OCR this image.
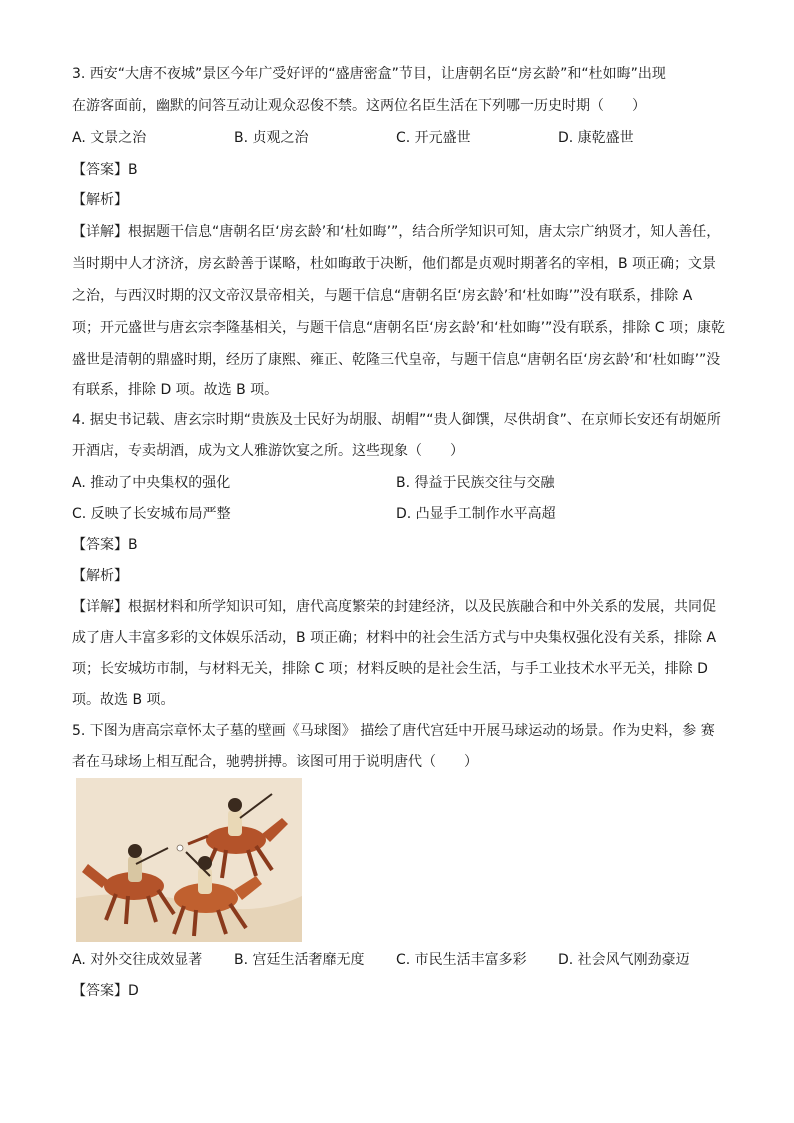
3. 西安“大唐不夜城”景区今年广受好评的“盛唐密盒”节目，让唐朝名臣“房玄龄”和“杜如晦”出现
在游客面前，幽默的问答互动让观众忍俊不禁。这两位名臣生活在下列哪一历史时期（　　）
A. 文景之治	B. 贞观之治	C. 开元盛世	D. 康乾盛世
【答案】B
【解析】
【详解】根据题干信息“唐朝名臣‘房玄龄’和‘杜如晦’”，结合所学知识可知，唐太宗广纳贤才，知人善任，
当时期中人才济济，房玄龄善于谋略，杜如晦敢于决断，他们都是贞观时期著名的宰相，B 项正确；文景
之治，与西汉时期的汉文帝汉景帝相关，与题干信息“唐朝名臣‘房玄龄’和‘杜如晦’”没有联系，排除 A
项；开元盛世与唐玄宗李隆基相关，与题干信息“唐朝名臣‘房玄龄’和‘杜如晦’”没有联系，排除 C 项；康乾
盛世是清朝的鼎盛时期，经历了康熙、雍正、乾隆三代皇帝，与题干信息“唐朝名臣‘房玄龄’和‘杜如晦’”没
有联系，排除 D 项。故选 B 项。
4. 据史书记载、唐玄宗时期“贵族及士民好为胡服、胡帽”“贵人御馔，尽供胡食”、在京师长安还有胡姬所
开酒店，专卖胡酒，成为文人雅游饮宴之所。这些现象（　　）
A. 推动了中央集权的强化	B. 得益于民族交往与交融
C. 反映了长安城布局严整	D. 凸显手工制作水平高超
【答案】B
【解析】
【详解】根据材料和所学知识可知，唐代高度繁荣的封建经济，以及民族融合和中外关系的发展，共同促
成了唐人丰富多彩的文体娱乐活动，B 项正确；材料中的社会生活方式与中央集权强化没有关系，排除 A
项；长安城坊市制，与材料无关，排除 C 项；材料反映的是社会生活，与手工业技术水平无关，排除 D
项。故选 B 项。
5. 下图为唐高宗章怀太子墓的壁画《马球图》 描绘了唐代宫廷中开展马球运动的场景。作为史料，参 赛
者在马球场上相互配合，驰骋拼搏。该图可用于说明唐代（　　）
A. 对外交往成效显著 B. 宫廷生活奢靡无度 C. 市民生活丰富多彩 D. 社会风气刚劲豪迈
【答案】D
